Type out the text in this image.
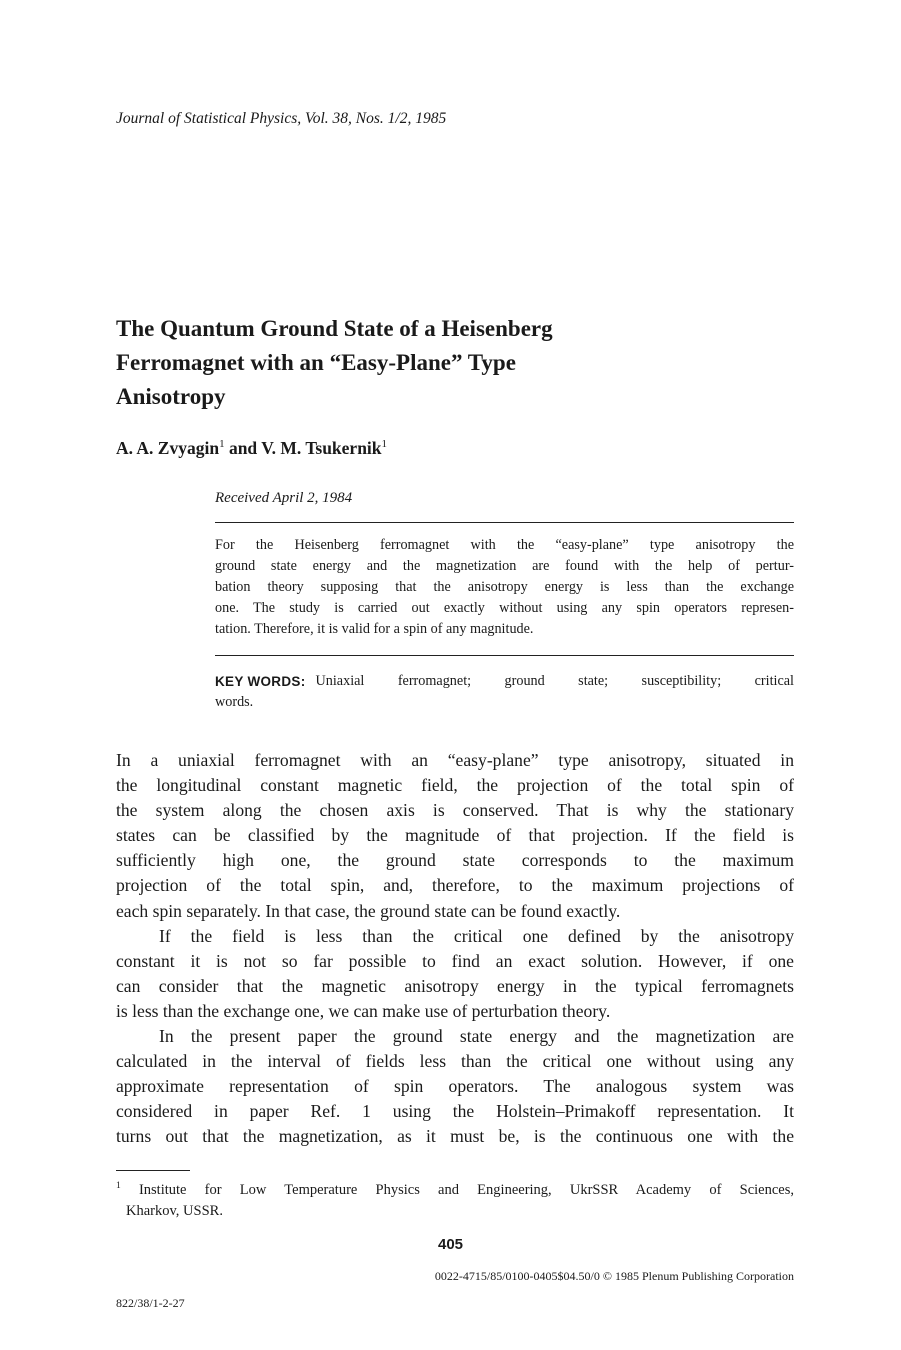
Journal of Statistical Physics, Vol. 38, Nos. 1/2, 1985
The Quantum Ground State of a Heisenberg
Ferromagnet with an “Easy-Plane” Type
Anisotropy
A. A. Zvyagin$^1$ and V. M. Tsukernik$^1$
Received April 2, 1984
For the Heisenberg ferromagnet with the “easy-plane” type anisotropy the
ground state energy and the magnetization are found with the help of pertur-
bation theory supposing that the anisotropy energy is less than the exchange
one. The study is carried out exactly without using any spin operators represen-
tation. Therefore, it is valid for a spin of any magnitude.
KEY WORDS: Uniaxial ferromagnet; ground state; susceptibility; critical
words.
In a uniaxial ferromagnet with an “easy-plane” type anisotropy, situated in
the longitudinal constant magnetic field, the projection of the total spin of
the system along the chosen axis is conserved. That is why the stationary
states can be classified by the magnitude of that projection. If the field is
sufficiently high one, the ground state corresponds to the maximum
projection of the total spin, and, therefore, to the maximum projections of
each spin separately. In that case, the ground state can be found exactly.
If the field is less than the critical one defined by the anisotropy
constant it is not so far possible to find an exact solution. However, if one
can consider that the magnetic anisotropy energy in the typical ferromagnets
is less than the exchange one, we can make use of perturbation theory.
In the present paper the ground state energy and the magnetization are
calculated in the interval of fields less than the critical one without using any
approximate representation of spin operators. The analogous system was
considered in paper Ref. 1 using the Holstein–Primakoff representation. It
turns out that the magnetization, as it must be, is the continuous one with the
$^1$ Institute for Low Temperature Physics and Engineering, UkrSSR Academy of Sciences,
Kharkov, USSR.
405
0022-4715/85/0100-0405$04.50/0 © 1985 Plenum Publishing Corporation
822/38/1-2-27
